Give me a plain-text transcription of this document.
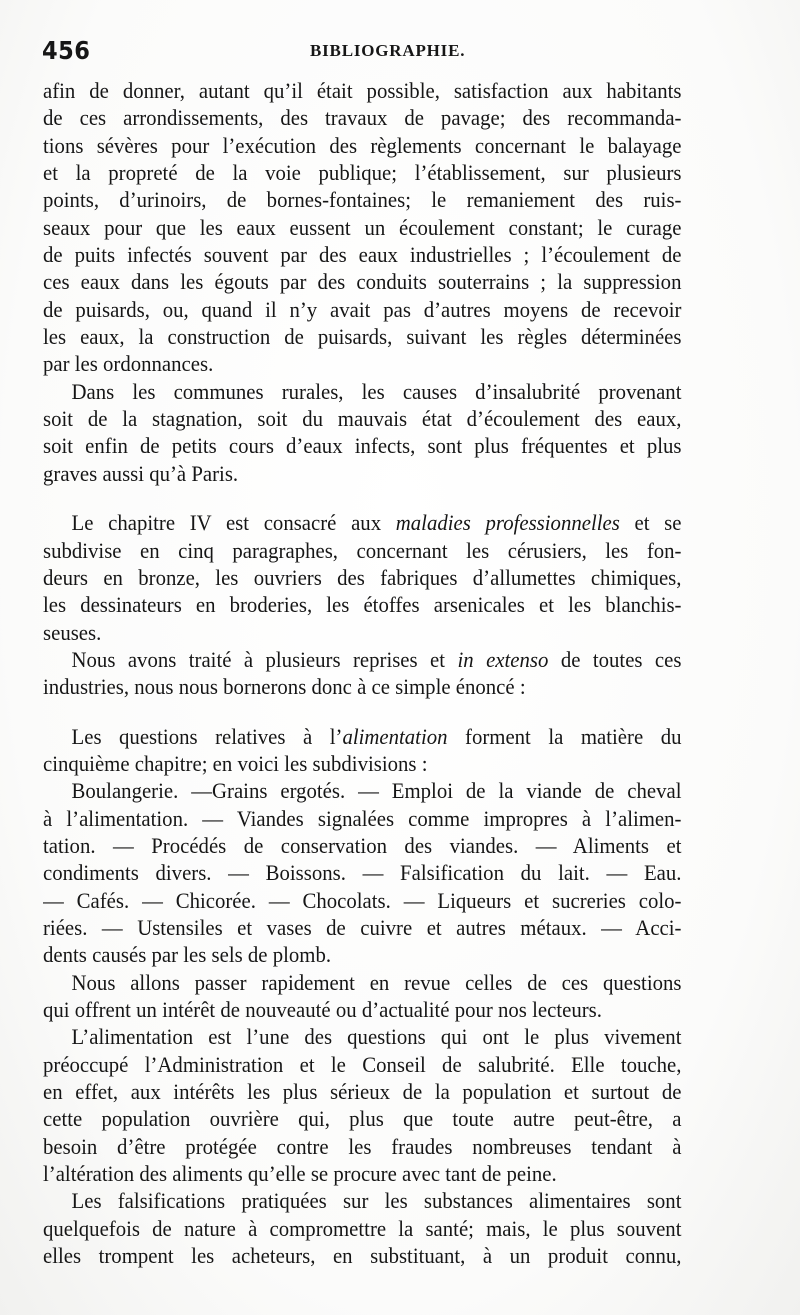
456	BIBLIOGRAPHIE.
afin de donner, autant qu’il était possible, satisfaction aux habitants
de ces arrondissements, des travaux de pavage; des recommanda-
tions sévères pour l’exécution des règlements concernant le balayage
et la propreté de la voie publique; l’établissement, sur plusieurs
points, d’urinoirs, de bornes-fontaines; le remaniement des ruis-
seaux pour que les eaux eussent un écoulement constant; le curage
de puits infectés souvent par des eaux industrielles ; l’écoulement de
ces eaux dans les égouts par des conduits souterrains ; la suppression
de puisards, ou, quand il n’y avait pas d’autres moyens de recevoir
les eaux, la construction de puisards, suivant les règles déterminées
par les ordonnances.
Dans les communes rurales, les causes d’insalubrité provenant
soit de la stagnation, soit du mauvais état d’écoulement des eaux,
soit enfin de petits cours d’eaux infects, sont plus fréquentes et plus
graves aussi qu’à Paris.
Le chapitre IV est consacré aux maladies professionnelles et se
subdivise en cinq paragraphes, concernant les cérusiers, les fon-
deurs en bronze, les ouvriers des fabriques d’allumettes chimiques,
les dessinateurs en broderies, les étoffes arsenicales et les blanchis-
seuses.
Nous avons traité à plusieurs reprises et in extenso de toutes ces
industries, nous nous bornerons donc à ce simple énoncé :
Les questions relatives à l’alimentation forment la matière du
cinquième chapitre; en voici les subdivisions :
Boulangerie. —Grains ergotés. — Emploi de la viande de cheval
à l’alimentation. — Viandes signalées comme impropres à l’alimen-
tation. — Procédés de conservation des viandes. — Aliments et
condiments divers. — Boissons. — Falsification du lait. — Eau.
— Cafés. — Chicorée. — Chocolats. — Liqueurs et sucreries colo-
riées. — Ustensiles et vases de cuivre et autres métaux. — Acci-
dents causés par les sels de plomb.
Nous allons passer rapidement en revue celles de ces questions
qui offrent un intérêt de nouveauté ou d’actualité pour nos lecteurs.
L’alimentation est l’une des questions qui ont le plus vivement
préoccupé l’Administration et le Conseil de salubrité. Elle touche,
en effet, aux intérêts les plus sérieux de la population et surtout de
cette population ouvrière qui, plus que toute autre peut-être, a
besoin d’être protégée contre les fraudes nombreuses tendant à
l’altération des aliments qu’elle se procure avec tant de peine.
Les falsifications pratiquées sur les substances alimentaires sont
quelquefois de nature à compromettre la santé; mais, le plus souvent
elles trompent les acheteurs, en substituant, à un produit connu,
